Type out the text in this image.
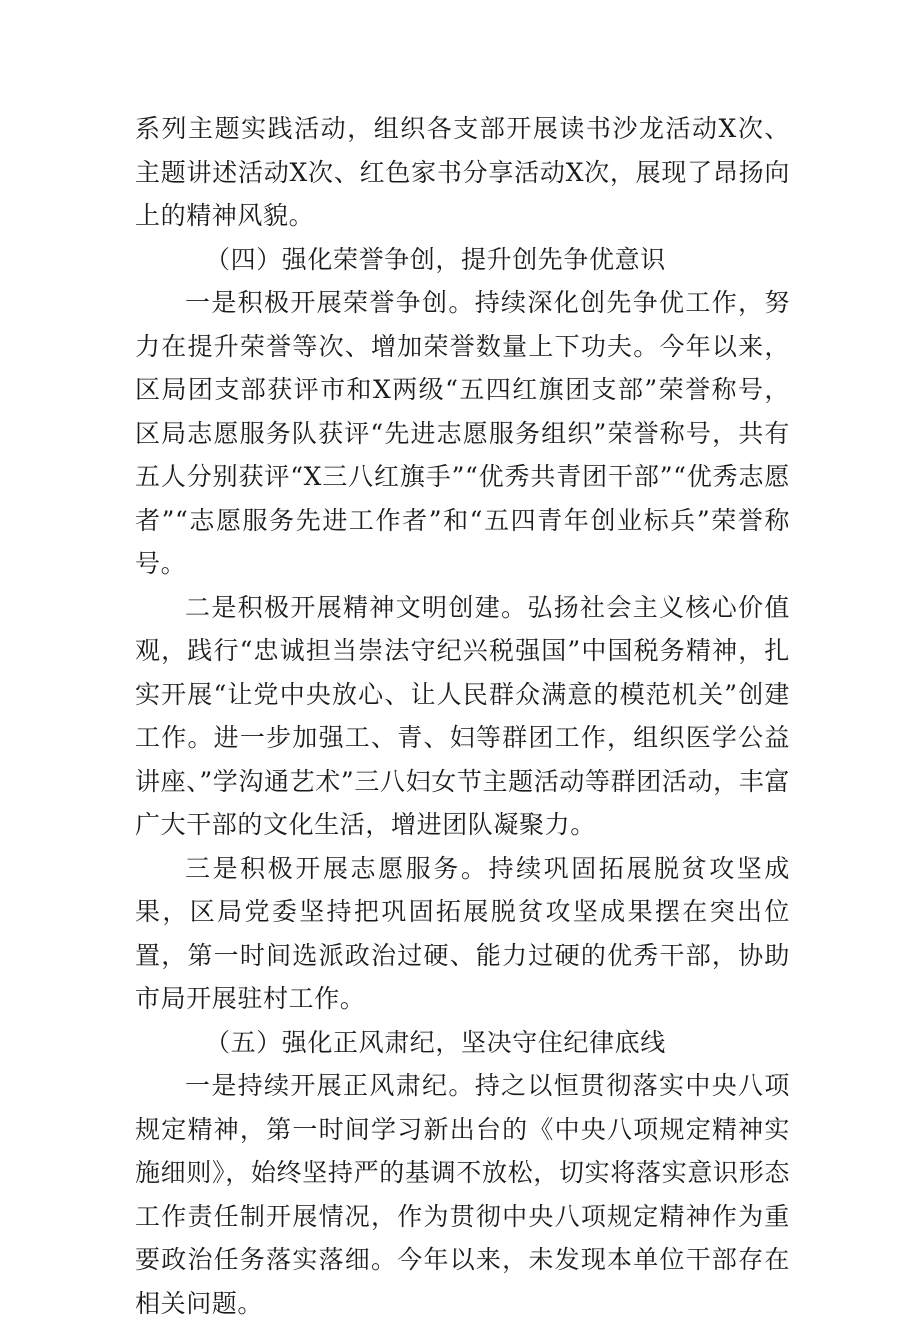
系列主题实践活动，组织各支部开展读书沙龙活动X次、主题讲述活动X次、红色家书分享活动X次，展现了昂扬向上的精神风貌。

（四）强化荣誉争创，提升创先争优意识

一是积极开展荣誉争创。持续深化创先争优工作，努力在提升荣誉等次、增加荣誉数量上下功夫。今年以来，区局团支部获评市和X两级“五四红旗团支部”荣誉称号，区局志愿服务队获评“先进志愿服务组织”荣誉称号，共有五人分别获评“X三八红旗手”“优秀共青团干部”“优秀志愿者”“志愿服务先进工作者”和“五四青年创业标兵”荣誉称号。

二是积极开展精神文明创建。弘扬社会主义核心价值观，践行“忠诚担当崇法守纪兴税强国”中国税务精神，扎实开展“让党中央放心、让人民群众满意的模范机关”创建工作。进一步加强工、青、妇等群团工作，组织医学公益讲座、”学沟通艺术”三八妇女节主题活动等群团活动，丰富广大干部的文化生活，增进团队凝聚力。

三是积极开展志愿服务。持续巩固拓展脱贫攻坚成果，区局党委坚持把巩固拓展脱贫攻坚成果摆在突出位置，第一时间选派政治过硬、能力过硬的优秀干部，协助市局开展驻村工作。

（五）强化正风肃纪，坚决守住纪律底线

一是持续开展正风肃纪。持之以恒贯彻落实中央八项规定精神，第一时间学习新出台的《中央八项规定精神实施细则》，始终坚持严的基调不放松，切实将落实意识形态工作责任制开展情况，作为贯彻中央八项规定精神作为重要政治任务落实落细。今年以来，未发现本单位干部存在相关问题。
